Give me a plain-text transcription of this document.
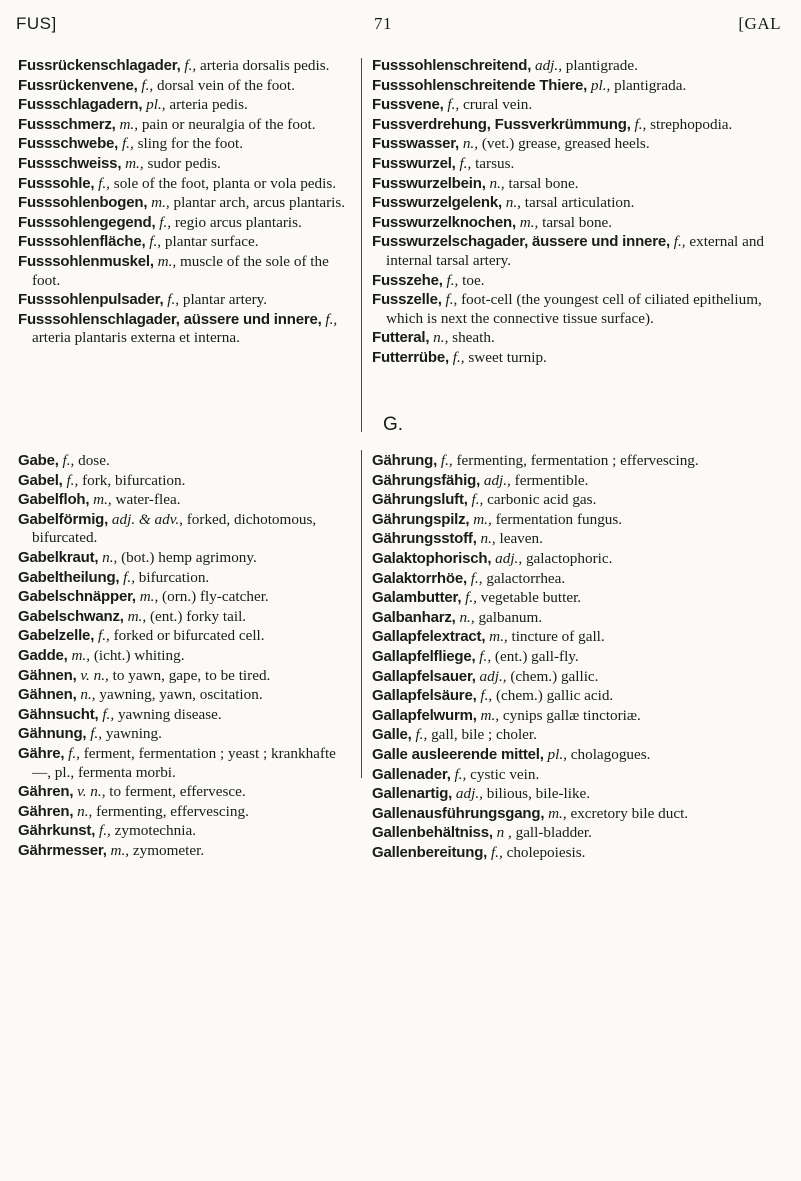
FUS]	71	[GAL
Fussrückenschlagader, f., arteria dorsalis pedis.
Fussrückenvene, f., dorsal vein of the foot.
Fussschlagadern, pl., arteria pedis.
Fussschmerz, m., pain or neuralgia of the foot.
Fussschwebe, f., sling for the foot.
Fussschweiss, m., sudor pedis.
Fusssohle, f., sole of the foot, planta or vola pedis.
Fusssohlenbogen, m., plantar arch, arcus plantaris.
Fusssohlengegend, f., regio arcus plantaris.
Fusssohlenfläche, f., plantar surface.
Fusssohlenmuskel, m., muscle of the sole of the foot.
Fusssohlenpulsader, f., plantar artery.
Fusssohlenschlagader, aüssere und innere, f., arteria plantaris externa et interna.
Fusssohlenschreitend, adj., plantigrade.
Fusssohlenschreitende Thiere, pl., plantigrada.
Fussvene, f., crural vein.
Fussverdrehung, Fussverkrümmung, f., strephopodia.
Fusswasser, n., (vet.) grease, greased heels.
Fusswurzel, f., tarsus.
Fusswurzelbein, n., tarsal bone.
Fusswurzelgelenk, n., tarsal articulation.
Fusswurzelknochen, m., tarsal bone.
Fusswurzelschagader, äussere und innere, f., external and internal tarsal artery.
Fusszehe, f., toe.
Fusszelle, f., foot-cell (the youngest cell of ciliated epithelium, which is next the connective tissue surface).
Futteral, n., sheath.
Futterrübe, f., sweet turnip.
G.
Gabe, f., dose.
Gabel, f., fork, bifurcation.
Gabelfloh, m., water-flea.
Gabelförmig, adj. & adv., forked, dichotomous, bifurcated.
Gabelkraut, n., (bot.) hemp agrimony.
Gabeltheilung, f., bifurcation.
Gabelschnäpper, m., (orn.) fly-catcher.
Gabelschwanz, m., (ent.) forky tail.
Gabelzelle, f., forked or bifurcated cell.
Gadde, m., (icht.) whiting.
Gähnen, v. n., to yawn, gape, to be tired.
Gähnen, n., yawning, yawn, oscitation.
Gähnsucht, f., yawning disease.
Gähnung, f., yawning.
Gähre, f., ferment, fermentation ; yeast ; krankhafte —, pl., fermenta morbi.
Gähren, v. n., to ferment, effervesce.
Gähren, n., fermenting, effervescing.
Gährkunst, f., zymotechnia.
Gährmesser, m., zymometer.
Gährung, f., fermenting, fermentation ; effervescing.
Gährungsfähig, adj., fermentible.
Gährungsluft, f., carbonic acid gas.
Gährungspilz, m., fermentation fungus.
Gährungsstoff, n., leaven.
Galaktophorisch, adj., galactophoric.
Galaktorrhöe, f., galactorrhea.
Galambutter, f., vegetable butter.
Galbanharz, n., galbanum.
Gallapfelextract, m., tincture of gall.
Gallapfelfliege, f., (ent.) gall-fly.
Gallapfelsauer, adj., (chem.) gallic.
Gallapfelsäure, f., (chem.) gallic acid.
Gallapfelwurm, m., cynips gallæ tinctoriæ.
Galle, f., gall, bile ; choler.
Galle ausleerende mittel, pl., cholagogues.
Gallenader, f., cystic vein.
Gallenartig, adj., bilious, bile-like.
Gallenausführungsgang, m., excretory bile duct.
Gallenbehältniss, n , gall-bladder.
Gallenbereitung, f., cholepoiesis.
